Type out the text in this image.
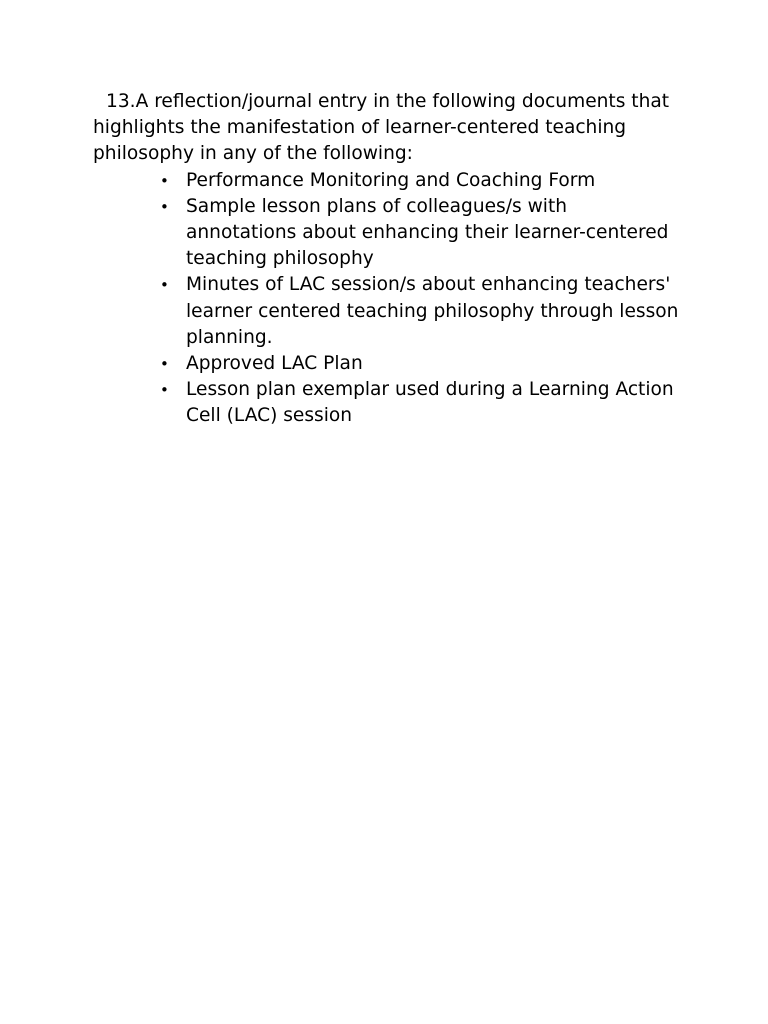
13.A reflection/journal entry in the following documents that highlights the manifestation of learner-centered teaching philosophy in any of the following:

• Performance Monitoring and Coaching Form
• Sample lesson plans of colleagues/s with annotations about enhancing their learner-centered teaching philosophy
• Minutes of LAC session/s about enhancing teachers' learner centered teaching philosophy through lesson planning.
• Approved LAC Plan
• Lesson plan exemplar used during a Learning Action Cell (LAC) session
